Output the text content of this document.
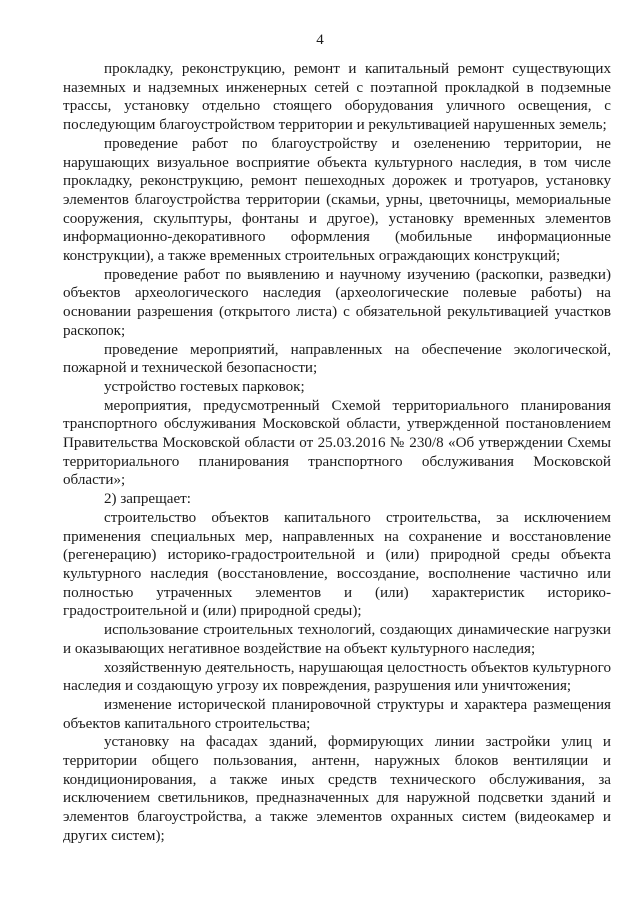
4

прокладку, реконструкцию, ремонт и капитальный ремонт существующих наземных и надземных инженерных сетей с поэтапной прокладкой в подземные трассы, установку отдельно стоящего оборудования уличного освещения, с последующим благоустройством территории и рекультивацией нарушенных земель;

проведение работ по благоустройству и озеленению территории, не нарушающих визуальное восприятие объекта культурного наследия, в том числе прокладку, реконструкцию, ремонт пешеходных дорожек и тротуаров, установку элементов благоустройства территории (скамьи, урны, цветочницы, мемориальные сооружения, скульптуры, фонтаны и другое), установку временных элементов информационно-декоративного оформления (мобильные информационные конструкции), а также временных строительных ограждающих конструкций;

проведение работ по выявлению и научному изучению (раскопки, разведки) объектов археологического наследия (археологические полевые работы) на основании разрешения (открытого листа) с обязательной рекультивацией участков раскопок;

проведение мероприятий, направленных на обеспечение экологической, пожарной и технической безопасности;

устройство гостевых парковок;

мероприятия, предусмотренный Схемой территориального планирования транспортного обслуживания Московской области, утвержденной постановлением Правительства Московской области от 25.03.2016 № 230/8 «Об утверждении Схемы территориального планирования транспортного обслуживания Московской области»;

2) запрещает:

строительство объектов капитального строительства, за исключением применения специальных мер, направленных на сохранение и восстановление (регенерацию) историко-градостроительной и (или) природной среды объекта культурного наследия (восстановление, воссоздание, восполнение частично или полностью утраченных элементов и (или) характеристик историко-градостроительной и (или) природной среды);

использование строительных технологий, создающих динамические нагрузки и оказывающих негативное воздействие на объект культурного наследия;

хозяйственную деятельность, нарушающая целостность объектов культурного наследия и создающую угрозу их повреждения, разрушения или уничтожения;

изменение исторической планировочной структуры и характера размещения объектов капитального строительства;

установку на фасадах зданий, формирующих линии застройки улиц и территории общего пользования, антенн, наружных блоков вентиляции и кондиционирования, а также иных средств технического обслуживания, за исключением светильников, предназначенных для наружной подсветки зданий и элементов благоустройства, а также элементов охранных систем (видеокамер и других систем);
